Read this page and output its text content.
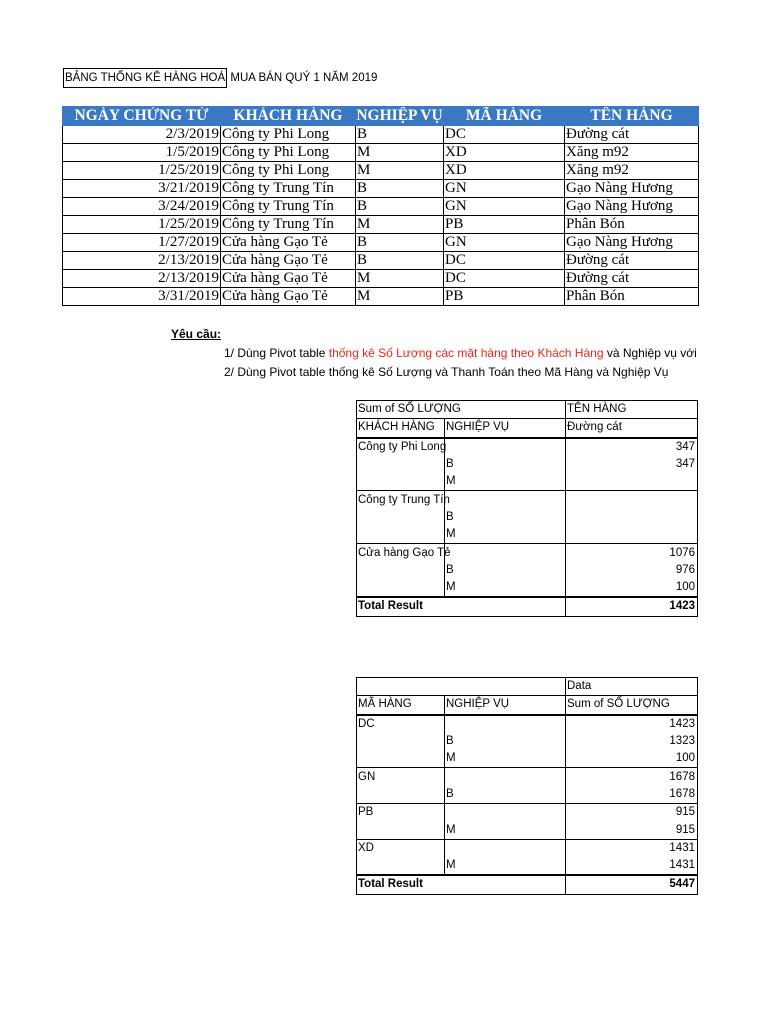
BẢNG THỐNG KÊ HÀNG HOÁ MUA BÁN QUÝ 1 NĂM 2019
NGÀY CHỨNG TỪ	KHÁCH HÀNG	NGHIỆP VỤ	MÃ HÀNG	TÊN HÀNG
2/3/2019	Công ty Phi Long	B	DC	Đường cát
1/5/2019	Công ty Phi Long	M	XD	Xăng m92
1/25/2019	Công ty Phi Long	M	XD	Xăng m92
3/21/2019	Công ty Trung Tín	B	GN	Gạo Nàng Hương
3/24/2019	Công ty Trung Tín	B	GN	Gạo Nàng Hương
1/25/2019	Công ty Trung Tín	M	PB	Phân Bón
1/27/2019	Cửa hàng Gạo Tẻ	B	GN	Gạo Nàng Hương
2/13/2019	Cửa hàng Gạo Tẻ	B	DC	Đường cát
2/13/2019	Cửa hàng Gạo Tẻ	M	DC	Đường cát
3/31/2019	Cửa hàng Gạo Tẻ	M	PB	Phân Bón
Yêu cầu:
1/ Dùng Pivot table thống kê Số Lượng các mặt hàng theo Khách Hàng và Nghiệp vụ với
2/ Dùng Pivot table thống kê Số Lượng và Thanh Toán theo Mã Hàng và Nghiệp Vụ
Sum of SỐ LƯỢNG		TÊN HÀNG
KHÁCH HÀNG	NGHIỆP VỤ	Đường cát
Công ty Phi Long		347
	B	347
	M	
Công ty Trung Tín		
	B	
	M	
Cửa hàng Gạo Tẻ		1076
	B	976
	M	100
Total Result		1423
		Data
MÃ HÀNG	NGHIỆP VỤ	Sum of SỐ LƯỢNG
DC		1423
	B	1323
	M	100
GN		1678
	B	1678
PB		915
	M	915
XD		1431
	M	1431
Total Result		5447
